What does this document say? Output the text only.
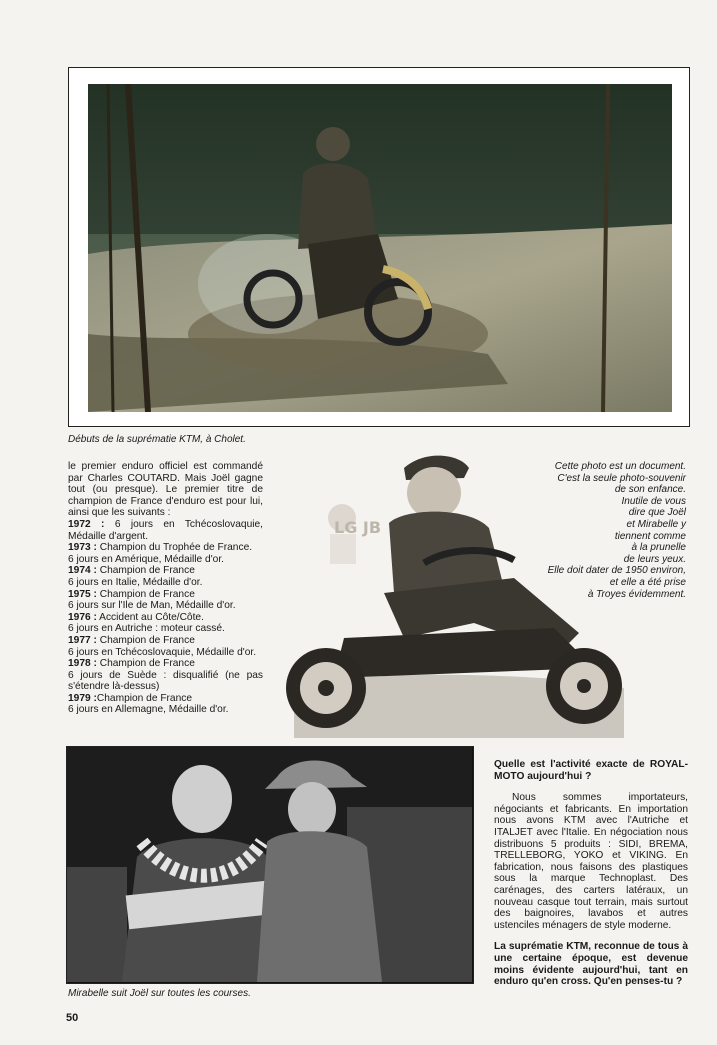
Débuts de la suprématie KTM, à Cholet.

le premier enduro officiel est commandé par Charles COUTARD. Mais Joël gagne tout (ou presque). Le premier titre de champion de France d'enduro est pour lui, ainsi que les suivants :

1972 : 6 jours en Tchécoslovaquie, Médaille d'argent.

1973 : Champion du Trophée de France.

6 jours en Amérique, Médaille d'or.

1974 : Champion de France

6 jours en Italie, Médaille d'or.

1975 : Champion de France

6 jours sur l'Ile de Man, Médaille d'or.

1976 : Accident au Côte/Côte.

6 jours en Autriche : moteur cassé.

1977 : Champion de France

6 jours en Tchécoslovaquie, Médaille d'or.

1978 : Champion de France

6 jours de Suède : disqualifié (ne pas s'étendre là-dessus)

1979 :Champion de France

6 jours en Allemagne, Médaille d'or.

LG JB
Cette photo est un document.
C'est la seule photo-souvenir
de son enfance.
Inutile de vous
dire que Joël
et Mirabelle y
tiennent comme
à la prunelle
de leurs yeux.
Elle doit dater de 1950 environ,
et elle a été prise
à Troyes évidemment.
Mirabelle suit Joël sur toutes les courses.

Quelle est l'activité exacte de ROYAL-MOTO aujourd'hui ?

Nous sommes importateurs, négociants et fabricants. En importation nous avons KTM avec l'Autriche et ITALJET avec l'Italie. En négociation nous distribuons 5 produits : SIDI, BREMA, TRELLEBORG, YOKO et VIKING. En fabrication, nous faisons des plastiques sous la marque Technoplast. Des carénages, des carters latéraux, un nouveau casque tout terrain, mais surtout des baignoires, lavabos et autres ustenciles ménagers de style moderne.

La suprématie KTM, reconnue de tous à une certaine époque, est devenue moins évidente aujourd'hui, tant en enduro qu'en cross. Qu'en penses-tu ?

50
